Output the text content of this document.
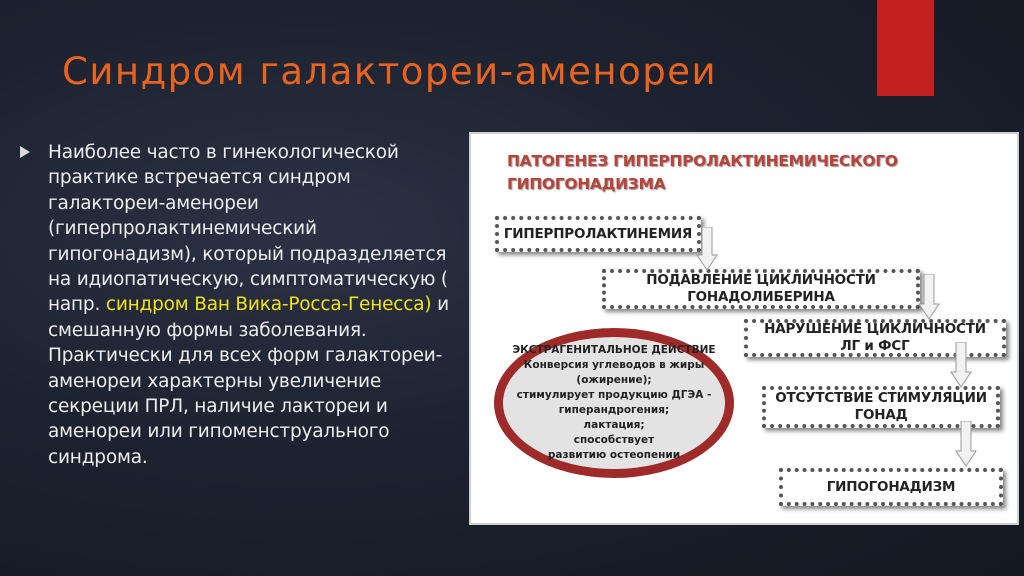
Синдром галактореи-аменореи

Наиболее часто в гинекологической практике встречается синдром галактореи-аменореи (гиперпролактинемический гипогонадизм), который подразделяется на идиопатическую, симптоматическую ( напр. синдром Ван Вика-Росса-Генесса) и смешанную формы заболевания. Практически для всех форм галактореи-аменореи характерны увеличение секреции ПРЛ, наличие лактореи и аменореи или гипоменструального синдрома.

ПАТОГЕНЕЗ ГИПЕРПРОЛАКТИНЕМИЧЕСКОГО
ГИПОГОНАДИЗМА
ГИПЕРПРОЛАКТИНЕМИЯ
ПОДАВЛЕНИЕ ЦИКЛИЧНОСТИ
ГОНАДОЛИБЕРИНА
НАРУШЕНИЕ ЦИКЛИЧНОСТИ
ЛГ и ФСГ
ОТСУТСТВИЕ СТИМУЛЯЦИИ
ГОНАД
ГИПОГОНАДИЗМ
ЭКСТРАГЕНИТАЛЬНОЕ ДЕЙСТВИЕ
Конверсия углеводов в жиры
(ожирение);
стимулирует продукцию ДГЭА -
гиперандрогения;
лактация;
способствует
развитию остеопении
